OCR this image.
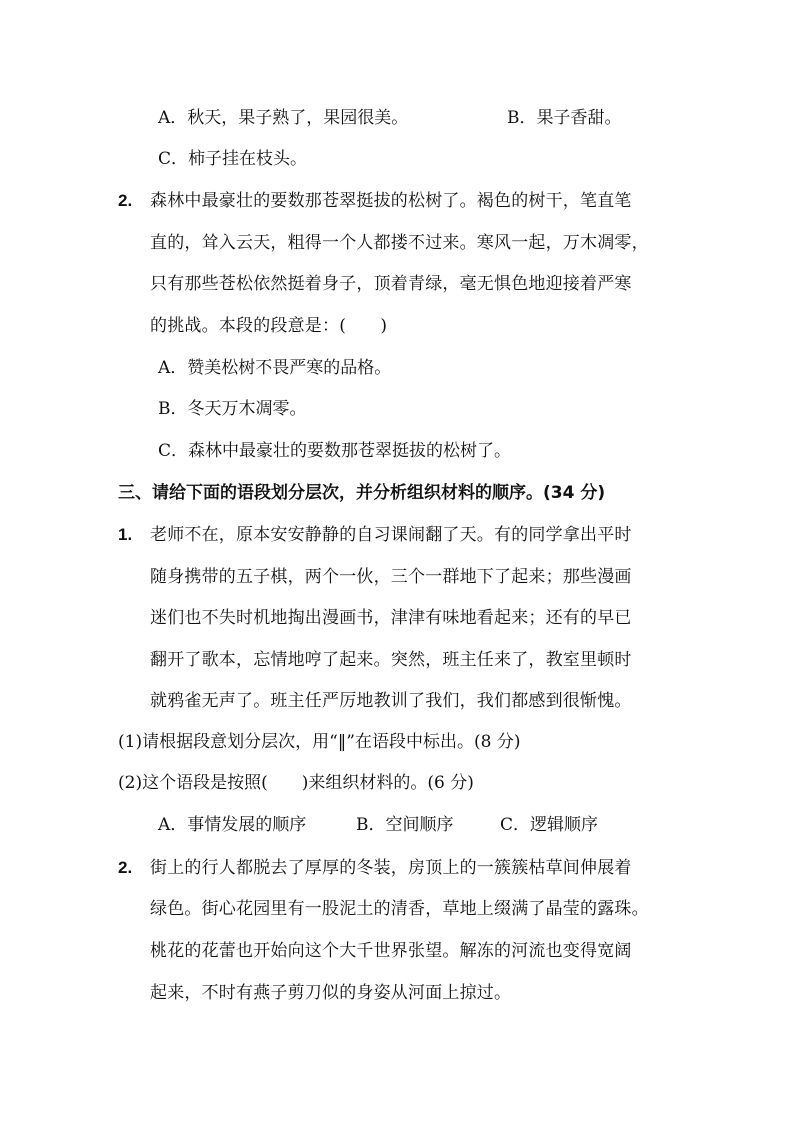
A．秋天，果子熟了，果园很美。	B．果子香甜。
C．柿子挂在枝头。
2. 森林中最豪壮的要数那苍翠挺拔的松树了。褐色的树干，笔直笔
直的，耸入云天，粗得一个人都搂不过来。寒风一起，万木凋零，
只有那些苍松依然挺着身子，顶着青绿，毫无惧色地迎接着严寒
的挑战。本段的段意是：(　　)
A．赞美松树不畏严寒的品格。
B．冬天万木凋零。
C．森林中最豪壮的要数那苍翠挺拔的松树了。
三、请给下面的语段划分层次，并分析组织材料的顺序。(34 分)
1. 老师不在，原本安安静静的自习课闹翻了天。有的同学拿出平时
随身携带的五子棋，两个一伙，三个一群地下了起来；那些漫画
迷们也不失时机地掏出漫画书，津津有味地看起来；还有的早已
翻开了歌本，忘情地哼了起来。突然，班主任来了，教室里顿时
就鸦雀无声了。班主任严厉地教训了我们，我们都感到很惭愧。
(1)请根据段意划分层次，用“‖”在语段中标出。(8 分)
(2)这个语段是按照(　　)来组织材料的。(6 分)
A．事情发展的顺序	B．空间顺序	C．逻辑顺序
2. 街上的行人都脱去了厚厚的冬装，房顶上的一簇簇枯草间伸展着
绿色。街心花园里有一股泥土的清香，草地上缀满了晶莹的露珠。
桃花的花蕾也开始向这个大千世界张望。解冻的河流也变得宽阔
起来，不时有燕子剪刀似的身姿从河面上掠过。
